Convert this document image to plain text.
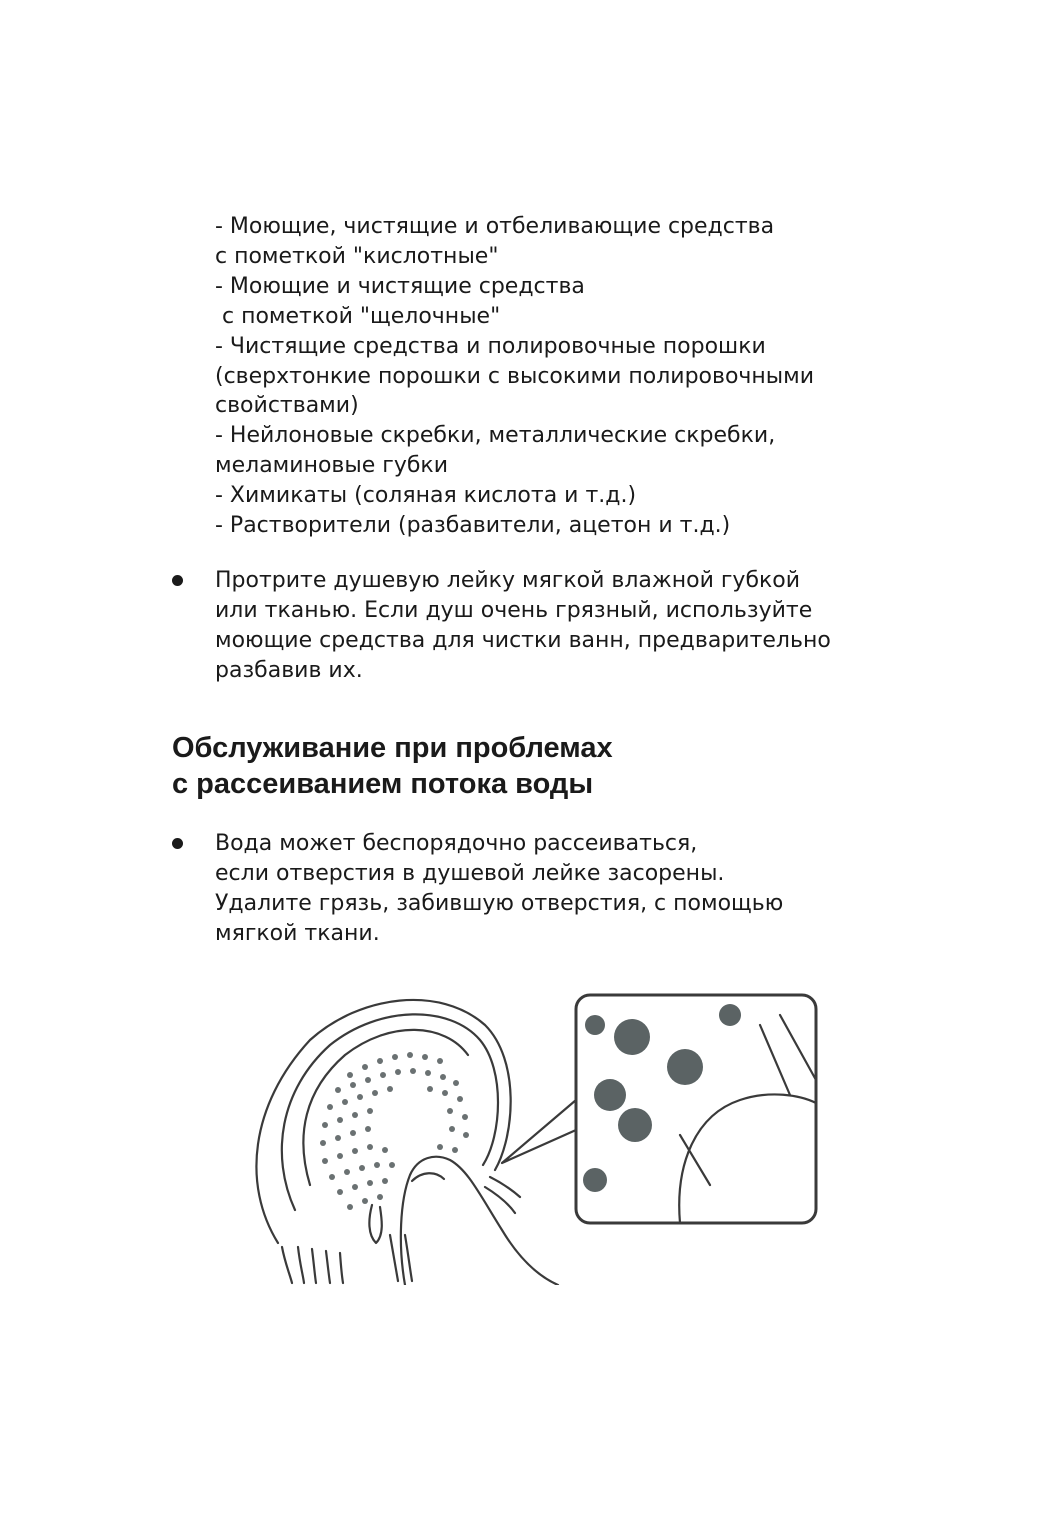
- Моющие, чистящие и отбеливающие средства

с пометкой "кислотные"

- Моющие и чистящие средства

с пометкой "щелочные"

- Чистящие средства и полировочные порошки

(сверхтонкие порошки с высокими полировочными

свойствами)

- Нейлоновые скребки, металлические скребки,

меламиновые губки

- Химикаты (соляная кислота и т.д.)

- Растворители (разбавители, ацетон и т.д.)

Протрите душевую лейку мягкой влажной губкой

или тканью. Если душ очень грязный, используйте

моющие средства для чистки ванн, предварительно

разбавив их.

Обслуживание при проблемах
с рассеиванием потока воды

Вода может беспорядочно рассеиваться,

если отверстия в душевой лейке засорены.

Удалите грязь, забившую отверстия, с помощью

мягкой ткани.
